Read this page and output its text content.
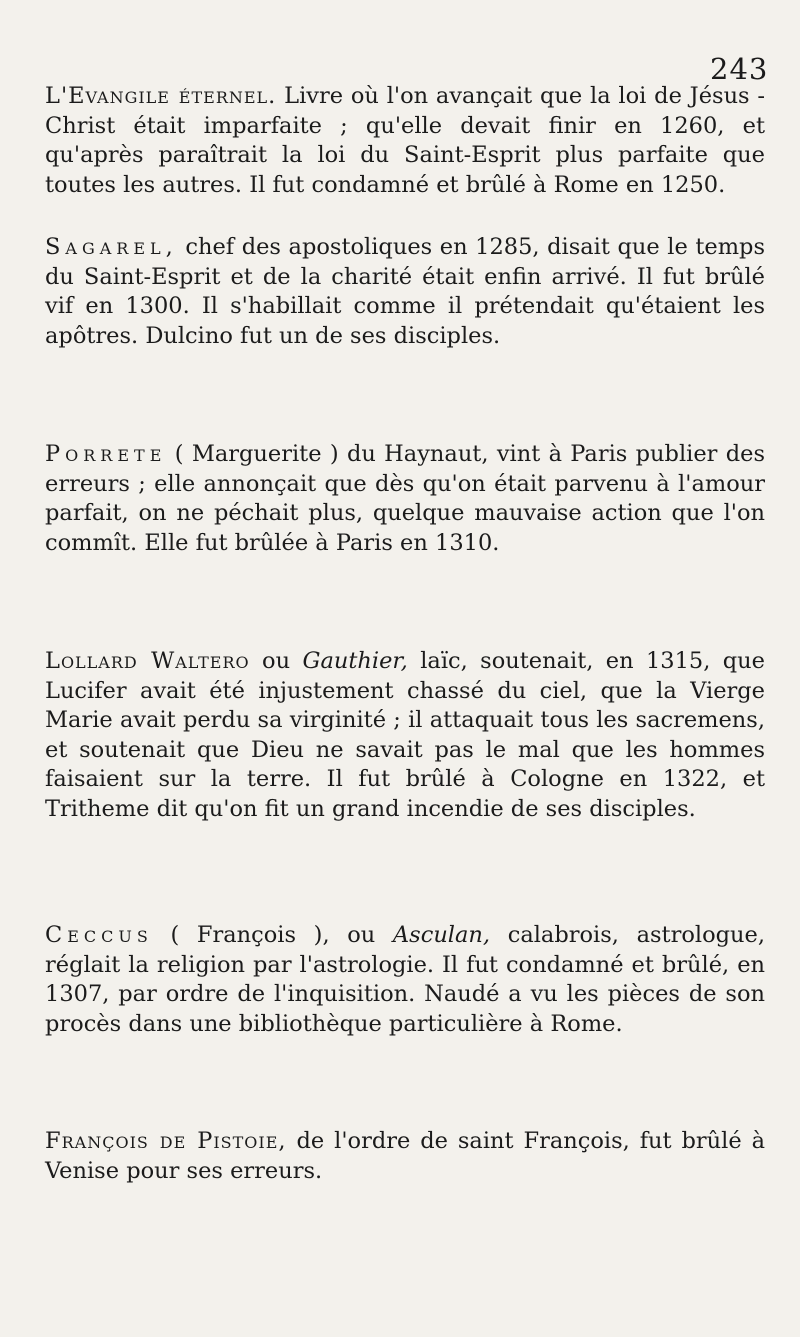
243

L'Evangile éternel. Livre où l'on avançait que la loi de Jésus - Christ était imparfaite ; qu'elle devait finir en 1260, et qu'après paraîtrait la loi du Saint-Esprit plus parfaite que toutes les autres. Il fut condamné et brûlé à Rome en 1250.

Sagarel, chef des apostoliques en 1285, disait que le temps du Saint-Esprit et de la charité était enfin arrivé. Il fut brûlé vif en 1300. Il s'habillait comme il prétendait qu'étaient les apôtres. Dulcino fut un de ses disciples.

Porrete ( Marguerite ) du Haynaut, vint à Paris publier des erreurs ; elle annonçait que dès qu'on était parvenu à l'amour parfait, on ne péchait plus, quelque mauvaise action que l'on commît. Elle fut brûlée à Paris en 1310.

Lollard Waltero ou Gauthier, laïc, soutenait, en 1315, que Lucifer avait été injustement chassé du ciel, que la Vierge Marie avait perdu sa virginité ; il attaquait tous les sacremens, et soutenait que Dieu ne savait pas le mal que les hommes faisaient sur la terre. Il fut brûlé à Cologne en 1322, et Tritheme dit qu'on fit un grand incendie de ses disciples.

Ceccus ( François ), ou Asculan, calabrois, astrologue, réglait la religion par l'astrologie. Il fut condamné et brûlé, en 1307, par ordre de l'inquisition. Naudé a vu les pièces de son procès dans une bibliothèque particulière à Rome.

François de Pistoie, de l'ordre de saint François, fut brûlé à Venise pour ses erreurs.
